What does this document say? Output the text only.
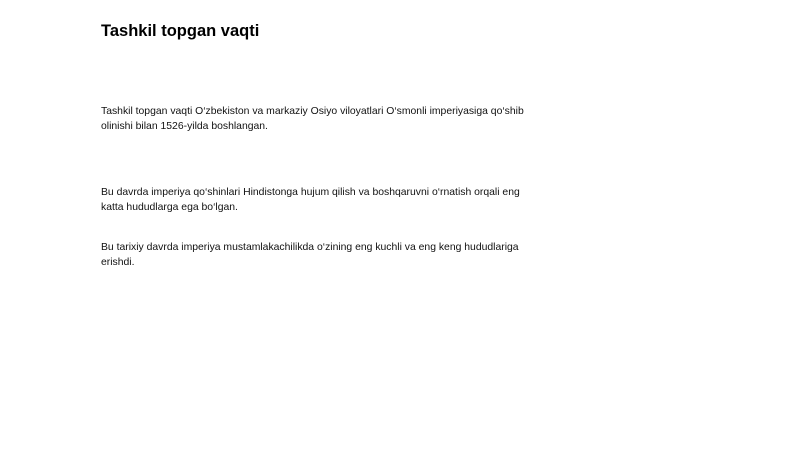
Tashkil topgan vaqti

Tashkil topgan vaqti O‘zbekiston va markaziy Osiyo viloyatlari O‘smonli imperiyasiga qo‘shib olinishi bilan 1526-yilda boshlangan.

Bu davrda imperiya qo‘shinlari Hindistonga hujum qilish va boshqaruvni o‘rnatish orqali eng katta hududlarga ega bo‘lgan.

Bu tarixiy davrda imperiya mustamlakachilikda o‘zining eng kuchli va eng keng hududlariga erishdi.
